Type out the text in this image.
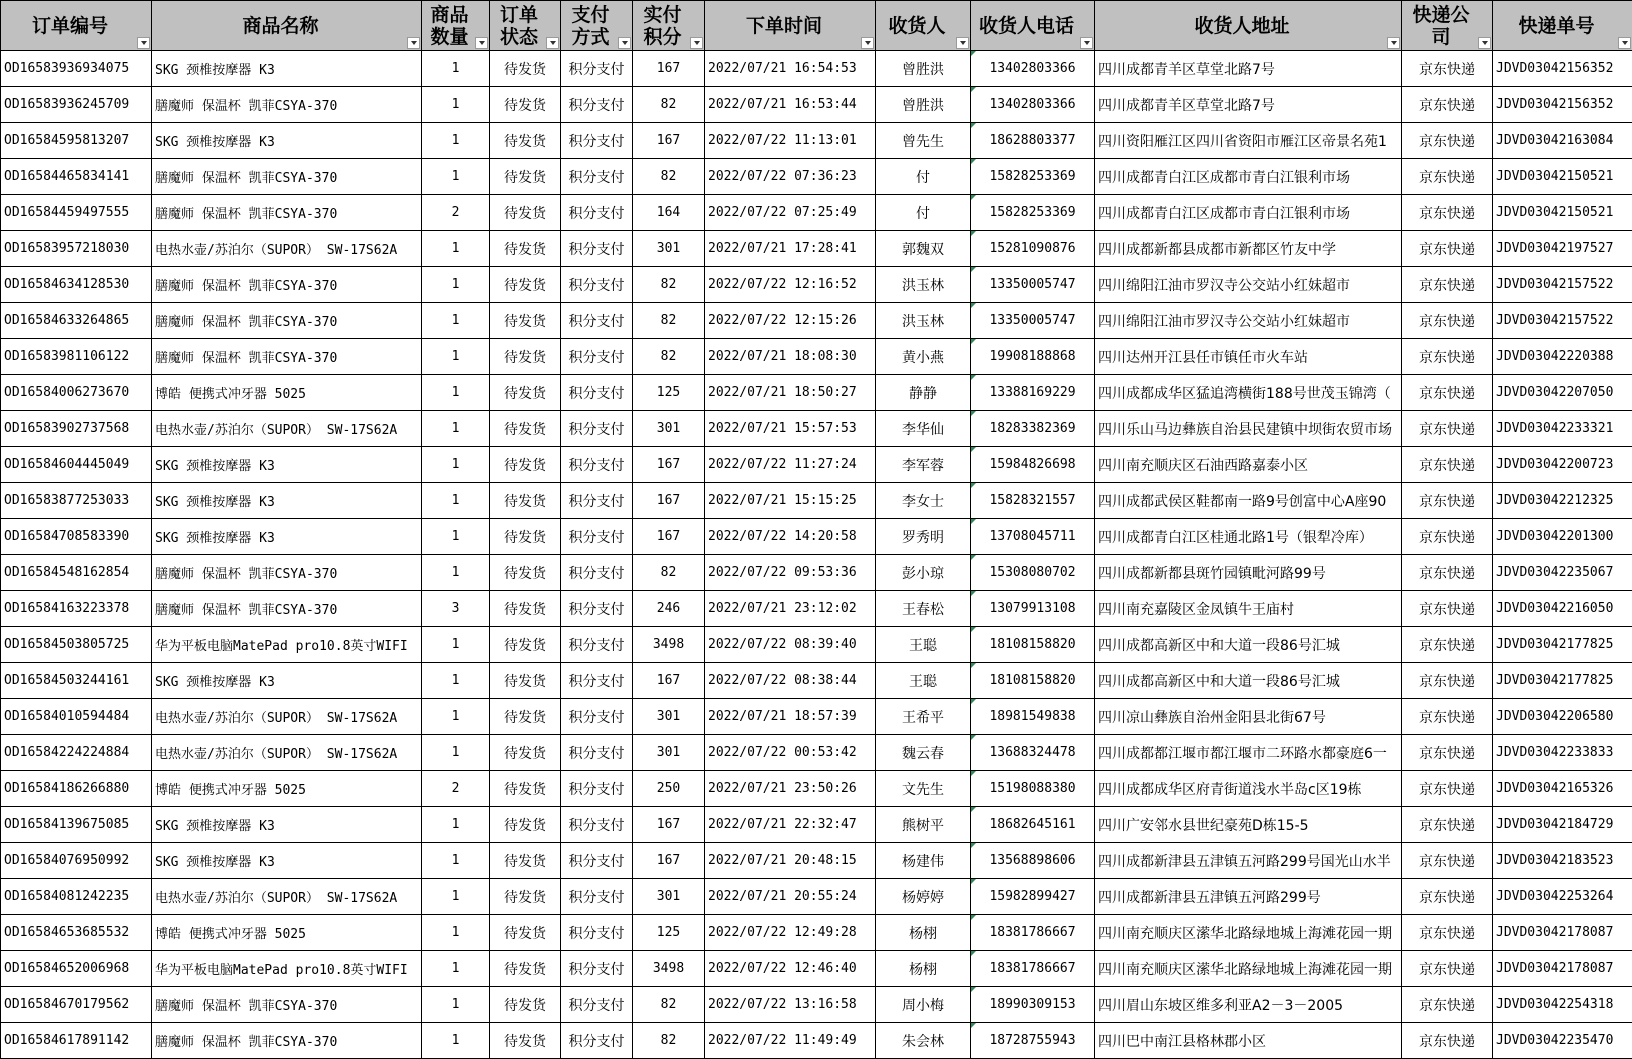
订单编号	商品名称	商品数量	订单状态	支付方式	实付积分	下单时间	收货人	收货人电话	收货人地址	快递公司	快递单号

OD16583936934075	SKG 颈椎按摩器 K3	1	待发货	积分支付	167	2022/07/21 16:54:53	曾胜洪	13402803366	四川成都青羊区草堂北路7号	京东快递	JDVD03042156352
OD16583936245709	膳魔师 保温杯 凯菲CSYA-370	1	待发货	积分支付	82	2022/07/21 16:53:44	曾胜洪	13402803366	四川成都青羊区草堂北路7号	京东快递	JDVD03042156352
OD16584595813207	SKG 颈椎按摩器 K3	1	待发货	积分支付	167	2022/07/22 11:13:01	曾先生	18628803377	四川资阳雁江区四川省资阳市雁江区帝景名苑1	京东快递	JDVD03042163084
OD16584465834141	膳魔师 保温杯 凯菲CSYA-370	1	待发货	积分支付	82	2022/07/22 07:36:23	付	15828253369	四川成都青白江区成都市青白江银利市场	京东快递	JDVD03042150521
OD16584459497555	膳魔师 保温杯 凯菲CSYA-370	2	待发货	积分支付	164	2022/07/22 07:25:49	付	15828253369	四川成都青白江区成都市青白江银利市场	京东快递	JDVD03042150521
OD16583957218030	电热水壶/苏泊尔（SUPOR） SW-17S62A	1	待发货	积分支付	301	2022/07/21 17:28:41	郭魏双	15281090876	四川成都新都县成都市新都区竹友中学	京东快递	JDVD03042197527
OD16584634128530	膳魔师 保温杯 凯菲CSYA-370	1	待发货	积分支付	82	2022/07/22 12:16:52	洪玉林	13350005747	四川绵阳江油市罗汉寺公交站小红妹超市	京东快递	JDVD03042157522
OD16584633264865	膳魔师 保温杯 凯菲CSYA-370	1	待发货	积分支付	82	2022/07/22 12:15:26	洪玉林	13350005747	四川绵阳江油市罗汉寺公交站小红妹超市	京东快递	JDVD03042157522
OD16583981106122	膳魔师 保温杯 凯菲CSYA-370	1	待发货	积分支付	82	2022/07/21 18:08:30	黄小燕	19908188868	四川达州开江县任市镇任市火车站	京东快递	JDVD03042220388
OD16584006273670	博皓 便携式冲牙器 5025	1	待发货	积分支付	125	2022/07/21 18:50:27	静静	13388169229	四川成都成华区猛追湾横街188号世茂玉锦湾（	京东快递	JDVD03042207050
OD16583902737568	电热水壶/苏泊尔（SUPOR） SW-17S62A	1	待发货	积分支付	301	2022/07/21 15:57:53	李华仙	18283382369	四川乐山马边彝族自治县民建镇中坝街农贸市场	京东快递	JDVD03042233321
OD16584604445049	SKG 颈椎按摩器 K3	1	待发货	积分支付	167	2022/07/22 11:27:24	李军蓉	15984826698	四川南充顺庆区石油西路嘉泰小区	京东快递	JDVD03042200723
OD16583877253033	SKG 颈椎按摩器 K3	1	待发货	积分支付	167	2022/07/21 15:15:25	李女士	15828321557	四川成都武侯区鞋都南一路9号创富中心A座90	京东快递	JDVD03042212325
OD16584708583390	SKG 颈椎按摩器 K3	1	待发货	积分支付	167	2022/07/22 14:20:58	罗秀明	13708045711	四川成都青白江区桂通北路1号（银犁冷库）	京东快递	JDVD03042201300
OD16584548162854	膳魔师 保温杯 凯菲CSYA-370	1	待发货	积分支付	82	2022/07/22 09:53:36	彭小琼	15308080702	四川成都新都县斑竹园镇毗河路99号	京东快递	JDVD03042235067
OD16584163223378	膳魔师 保温杯 凯菲CSYA-370	3	待发货	积分支付	246	2022/07/21 23:12:02	王春松	13079913108	四川南充嘉陵区金凤镇牛王庙村	京东快递	JDVD03042216050
OD16584503805725	华为平板电脑MatePad pro10.8英寸WIFI	1	待发货	积分支付	3498	2022/07/22 08:39:40	王聪	18108158820	四川成都高新区中和大道一段86号汇城	京东快递	JDVD03042177825
OD16584503244161	SKG 颈椎按摩器 K3	1	待发货	积分支付	167	2022/07/22 08:38:44	王聪	18108158820	四川成都高新区中和大道一段86号汇城	京东快递	JDVD03042177825
OD16584010594484	电热水壶/苏泊尔（SUPOR） SW-17S62A	1	待发货	积分支付	301	2022/07/21 18:57:39	王希平	18981549838	四川凉山彝族自治州金阳县北街67号	京东快递	JDVD03042206580
OD16584224224884	电热水壶/苏泊尔（SUPOR） SW-17S62A	1	待发货	积分支付	301	2022/07/22 00:53:42	魏云春	13688324478	四川成都都江堰市都江堰市二环路水都豪庭6一	京东快递	JDVD03042233833
OD16584186266880	博皓 便携式冲牙器 5025	2	待发货	积分支付	250	2022/07/21 23:50:26	文先生	15198088380	四川成都成华区府青街道浅水半岛c区19栋	京东快递	JDVD03042165326
OD16584139675085	SKG 颈椎按摩器 K3	1	待发货	积分支付	167	2022/07/21 22:32:47	熊树平	18682645161	四川广安邻水县世纪豪苑D栋15-5	京东快递	JDVD03042184729
OD16584076950992	SKG 颈椎按摩器 K3	1	待发货	积分支付	167	2022/07/21 20:48:15	杨建伟	13568898606	四川成都新津县五津镇五河路299号国光山水半	京东快递	JDVD03042183523
OD16584081242235	电热水壶/苏泊尔（SUPOR） SW-17S62A	1	待发货	积分支付	301	2022/07/21 20:55:24	杨婷婷	15982899427	四川成都新津县五津镇五河路299号	京东快递	JDVD03042253264
OD16584653685532	博皓 便携式冲牙器 5025	1	待发货	积分支付	125	2022/07/22 12:49:28	杨栩	18381786667	四川南充顺庆区潆华北路绿地城上海滩花园一期	京东快递	JDVD03042178087
OD16584652006968	华为平板电脑MatePad pro10.8英寸WIFI	1	待发货	积分支付	3498	2022/07/22 12:46:40	杨栩	18381786667	四川南充顺庆区潆华北路绿地城上海滩花园一期	京东快递	JDVD03042178087
OD16584670179562	膳魔师 保温杯 凯菲CSYA-370	1	待发货	积分支付	82	2022/07/22 13:16:58	周小梅	18990309153	四川眉山东坡区维多利亚A2－3－2005	京东快递	JDVD03042254318
OD16584617891142	膳魔师 保温杯 凯菲CSYA-370	1	待发货	积分支付	82	2022/07/22 11:49:49	朱会林	18728755943	四川巴中南江县格林郡小区	京东快递	JDVD03042235470
